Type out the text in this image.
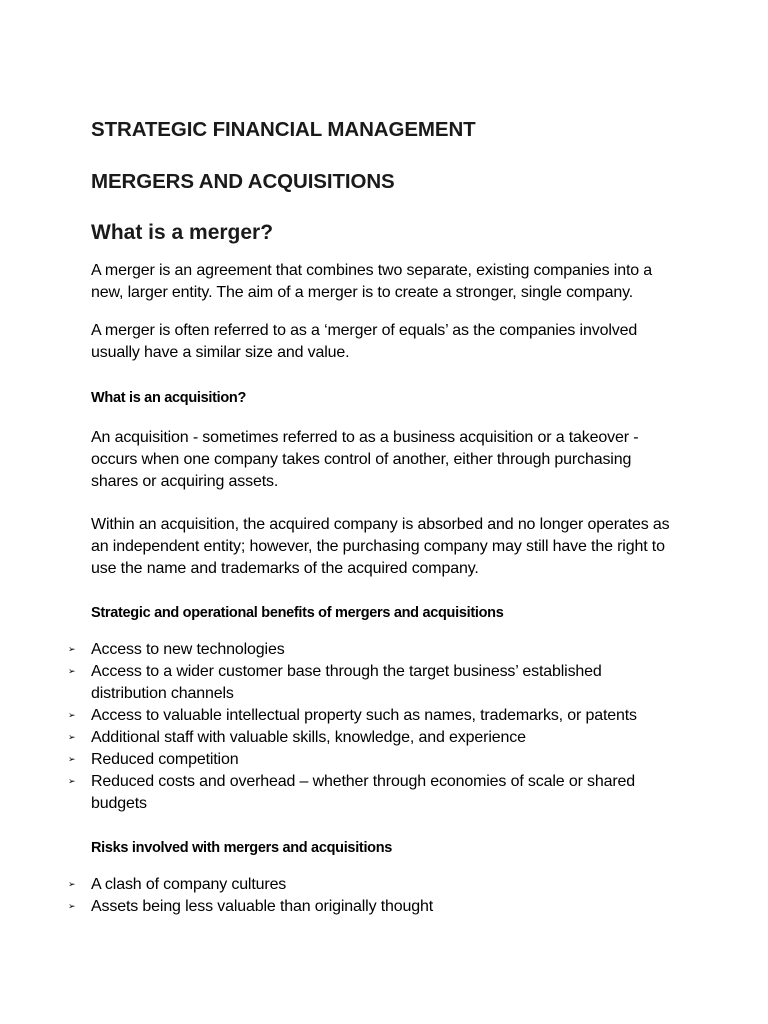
STRATEGIC FINANCIAL MANAGEMENT
MERGERS AND ACQUISITIONS
What is a merger?

A merger is an agreement that combines two separate, existing companies into a new, larger entity. The aim of a merger is to create a stronger, single company.

A merger is often referred to as a ‘merger of equals’ as the companies involved usually have a similar size and value.

What is an acquisition?

An acquisition - sometimes referred to as a business acquisition or a takeover - occurs when one company takes control of another, either through purchasing shares or acquiring assets.

Within an acquisition, the acquired company is absorbed and no longer operates as an independent entity; however, the purchasing company may still have the right to use the name and trademarks of the acquired company.

Strategic and operational benefits of mergers and acquisitions
➢ Access to new technologies
➢ Access to a wider customer base through the target business’ established distribution channels
➢ Access to valuable intellectual property such as names, trademarks, or patents
➢ Additional staff with valuable skills, knowledge, and experience
➢ Reduced competition
➢ Reduced costs and overhead – whether through economies of scale or shared budgets
Risks involved with mergers and acquisitions
➢ A clash of company cultures
➢ Assets being less valuable than originally thought
